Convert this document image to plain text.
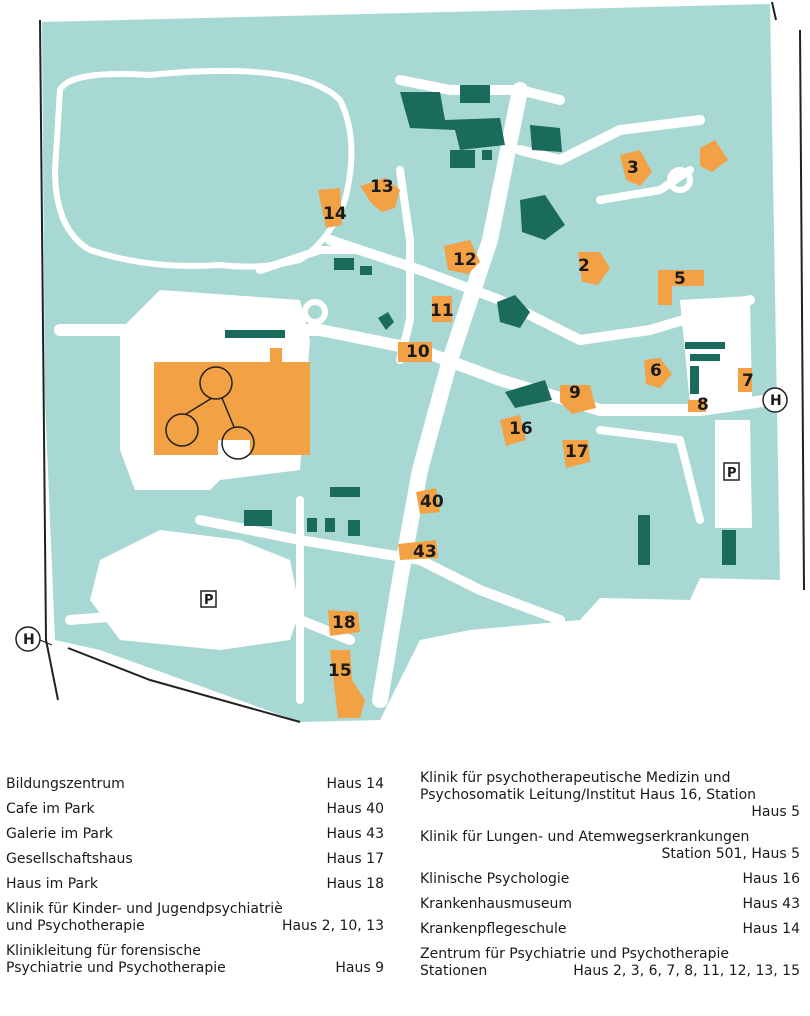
2
3
5
6	7
8
9
10
11
12
13
14
15
16
17
18
40
43
P
P
H
H
Bildungszentrum	Haus 14
Cafe im Park	Haus 40
Galerie im Park	Haus 43
Gesellschaftshaus	Haus 17
Haus im Park	Haus 18
Klinik für Kinder- und Jugendpsychiatriè
und Psychotherapie	Haus 2, 10, 13
Klinikleitung für forensische
Psychiatrie und Psychotherapie	Haus 9
Klinik für psychotherapeutische Medizin und
Psychosomatik Leitung/Institut Haus 16, Station
Haus 5
Klinik für Lungen- und Atemwegserkrankungen
Station 501, Haus 5
Klinische Psychologie	Haus 16
Krankenhausmuseum	Haus 43
Krankenpflegeschule	Haus 14
Zentrum für Psychiatrie und Psychotherapie
Stationen	Haus 2, 3, 6, 7, 8, 11, 12, 13, 15
